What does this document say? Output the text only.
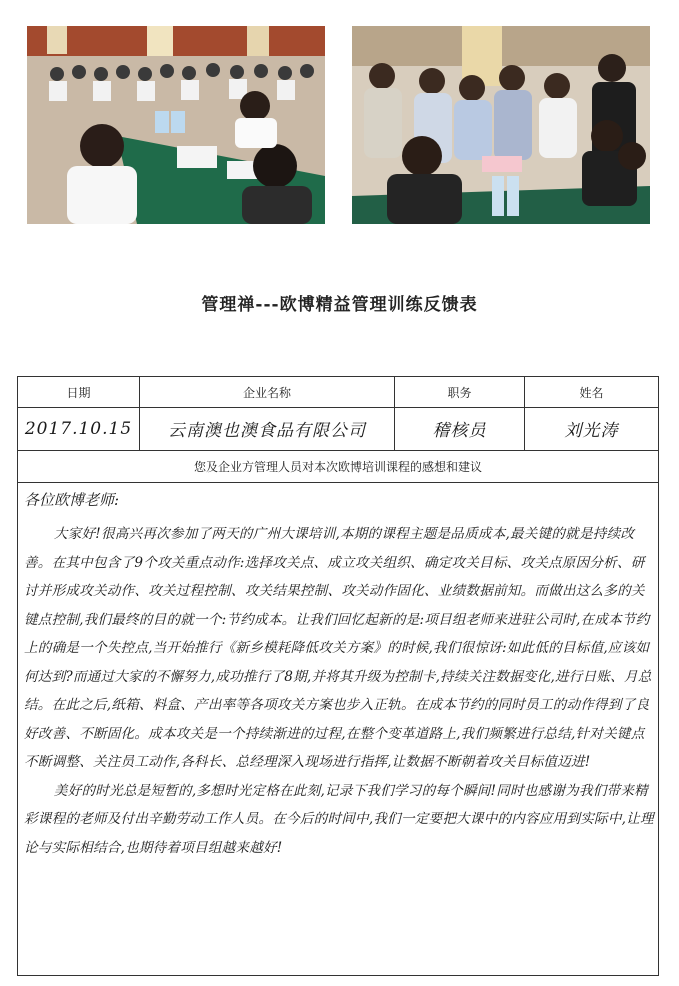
管理禅---欧博精益管理训练反馈表
日期	企业名称	职务	姓名
2017.10.15	云南澳也澳食品有限公司	稽核员	刘光涛
您及企业方管理人员对本次欧博培训课程的感想和建议

各位欧博老师:

大家好!很高兴再次参加了两天的广州大课培训,本期的课程主题是品质成本,最关键的就是持续改善。在其中包含了9个攻关重点动作:选择攻关点、成立攻关组织、确定攻关目标、攻关点原因分析、研讨并形成攻关动作、攻关过程控制、攻关结果控制、攻关动作固化、业绩数据前知。而做出这么多的关键点控制,我们最终的目的就一个:节约成本。让我们回忆起新的是:项目组老师来进驻公司时,在成本节约上的确是一个失控点,当开始推行《新乡模耗降低攻关方案》的时候,我们很惊讶:如此低的目标值,应该如何达到?而通过大家的不懈努力,成功推行了8期,并将其升级为控制卡,持续关注数据变化,进行日账、月总结。在此之后,纸箱、料盒、产出率等各项攻关方案也步入正轨。在成本节约的同时员工的动作得到了良好改善、不断固化。成本攻关是一个持续渐进的过程,在整个变革道路上,我们频繁进行总结,针对关键点不断调整、关注员工动作,各科长、总经理深入现场进行指挥,让数据不断朝着攻关目标值迈进!

美好的时光总是短暂的,多想时光定格在此刻,记录下我们学习的每个瞬间!同时也感谢为我们带来精彩课程的老师及付出辛勤劳动工作人员。在今后的时间中,我们一定要把大课中的内容应用到实际中,让理论与实际相结合,也期待着项目组越来越好!
